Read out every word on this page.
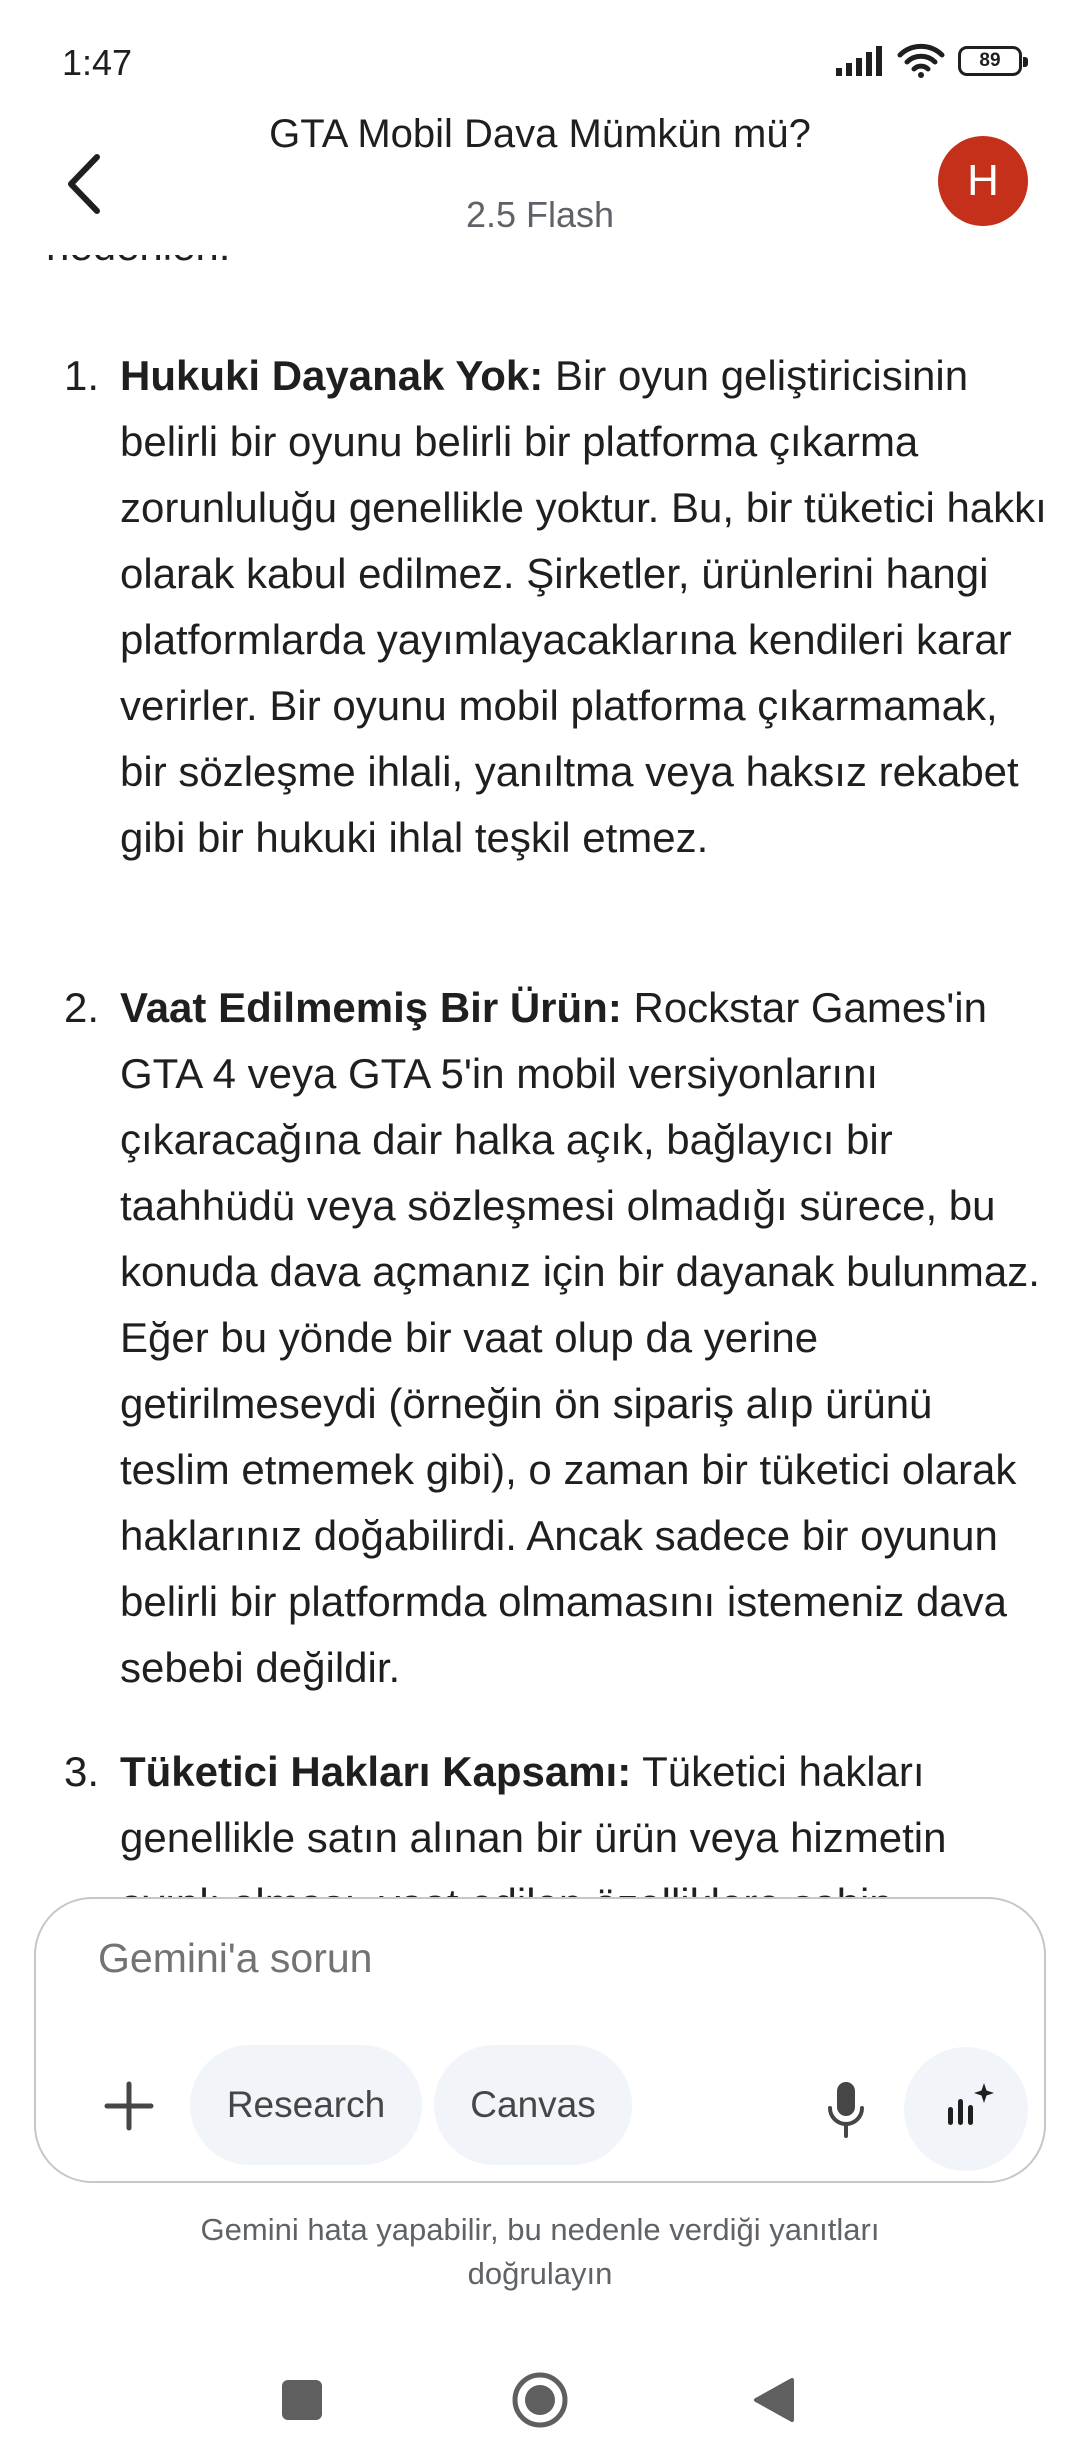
1:47	89
GTA Mobil Dava Mümkün mü?
2.5 Flash
H
1. Hukuki Dayanak Yok: Bir oyun geliştiricisinin belirli bir oyunu belirli bir platforma çıkarma zorunluluğu genellikle yoktur. Bu, bir tüketici hakkı olarak kabul edilmez. Şirketler, ürünlerini hangi platformlarda yayımlayacaklarına kendileri karar verirler. Bir oyunu mobil platforma çıkarmamak, bir sözleşme ihlali, yanıltma veya haksız rekabet gibi bir hukuki ihlal teşkil etmez.
2. Vaat Edilmemiş Bir Ürün: Rockstar Games'in GTA 4 veya GTA 5'in mobil versiyonlarını çıkaracağına dair halka açık, bağlayıcı bir taahhüdü veya sözleşmesi olmadığı sürece, bu konuda dava açmanız için bir dayanak bulunmaz. Eğer bu yönde bir vaat olup da yerine getirilmeseydi (örneğin ön sipariş alıp ürünü teslim etmemek gibi), o zaman bir tüketici olarak haklarınız doğabilirdi. Ancak sadece bir oyunun belirli bir platformda olmamasını istemeniz dava sebebi değildir.
3. Tüketici Hakları Kapsamı: Tüketici hakları genellikle satın alınan bir ürün veya hizmetin
Gemini'a sorun
Research	Canvas
Gemini hata yapabilir, bu nedenle verdiği yanıtları doğrulayın
